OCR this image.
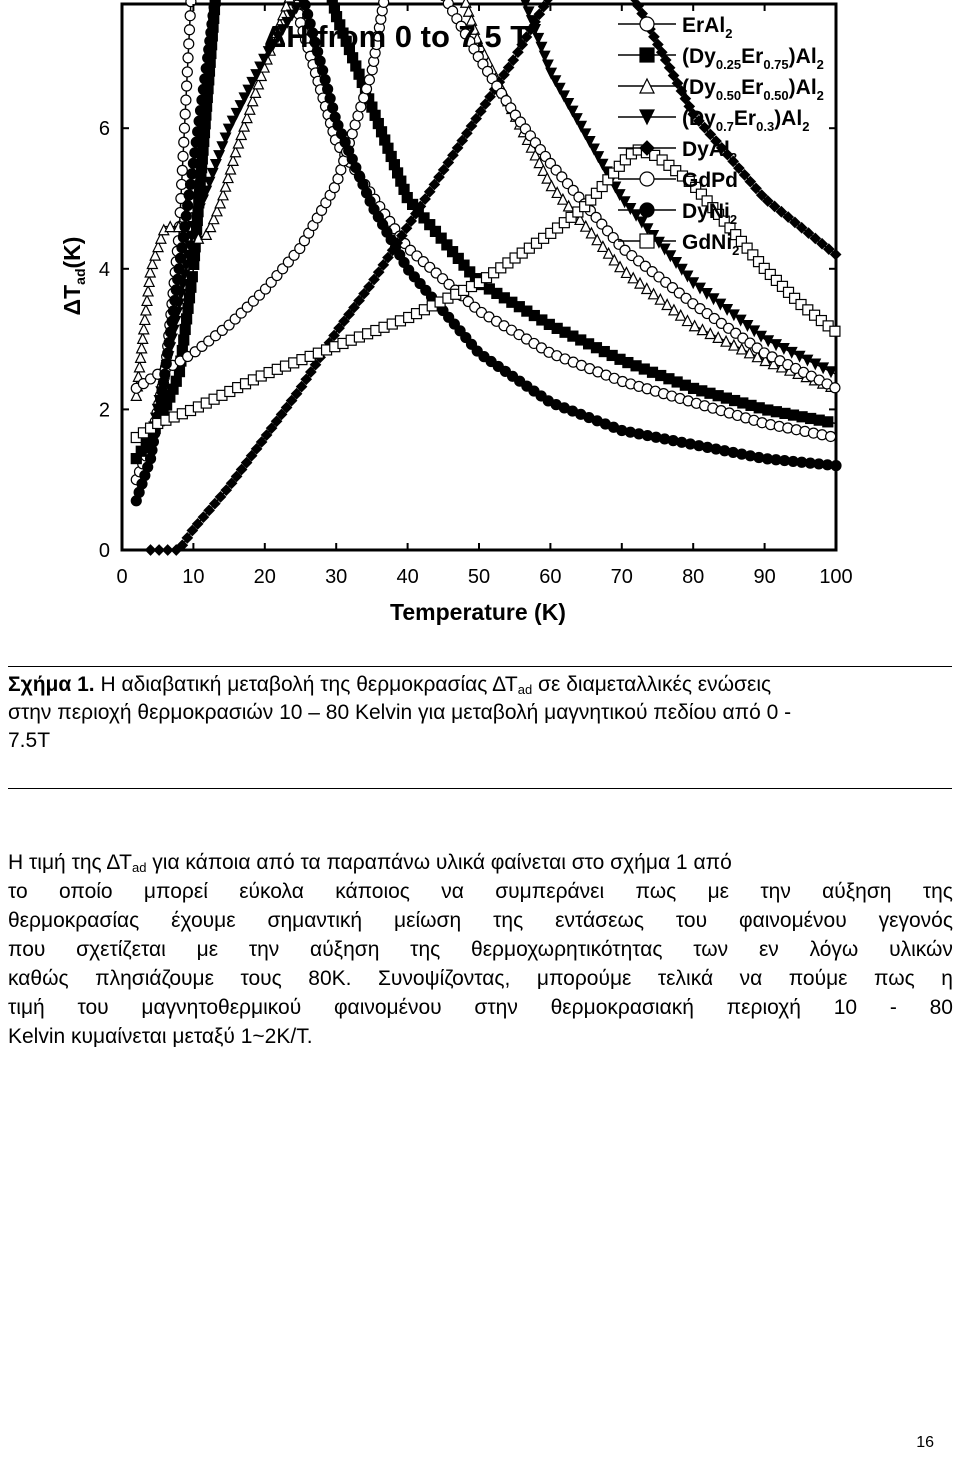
0	10 20 30 40 50 60 70 80 90 100
0
2
4
6
ΔH from 0 to 7.5 T
Temperature (K)
$\Delta T_{ad}(K)$
ErAl$_2$
$(Dy_{0.25}Er_{0.75})Al_2$
$(Dy_{0.50}Er_{0.50})Al_2$
$(Dy_{0.7}Er_{0.3})Al_2$
DyAl$_2$
GdPd
DyNi$_2$
GdNi$_2$
Σχήμα 1. Η αδιαβατική μεταβολή της θερμοκρασίας $\Delta T_{ad}$ σε διαμεταλλικές ενώσεις
στην περιοχή θερμοκρασιών 10 – 80 Kelvin για μεταβολή μαγνητικού πεδίου από 0 -
7.5Τ
Η τιμή της $\Delta T_{ad}$ για κάποια από τα παραπάνω υλικά φαίνεται στο σχήμα 1 από
το οποίο μπορεί εύκολα κάποιος να συμπεράνει πως με την αύξηση της
θερμοκρασίας έχουμε σημαντική μείωση της εντάσεως του φαινομένου γεγονός
που σχετίζεται με την αύξηση της θερμοχωρητικότητας των εν λόγω υλικών
καθώς πλησιάζουμε τους 80Κ. Συνοψίζοντας, μπορούμε τελικά να πούμε πως η
τιμή του μαγνητοθερμικού φαινομένου στην θερμοκρασιακή περιοχή 10 - 80
Kelvin κυμαίνεται μεταξύ 1~2Κ/Τ.
16
